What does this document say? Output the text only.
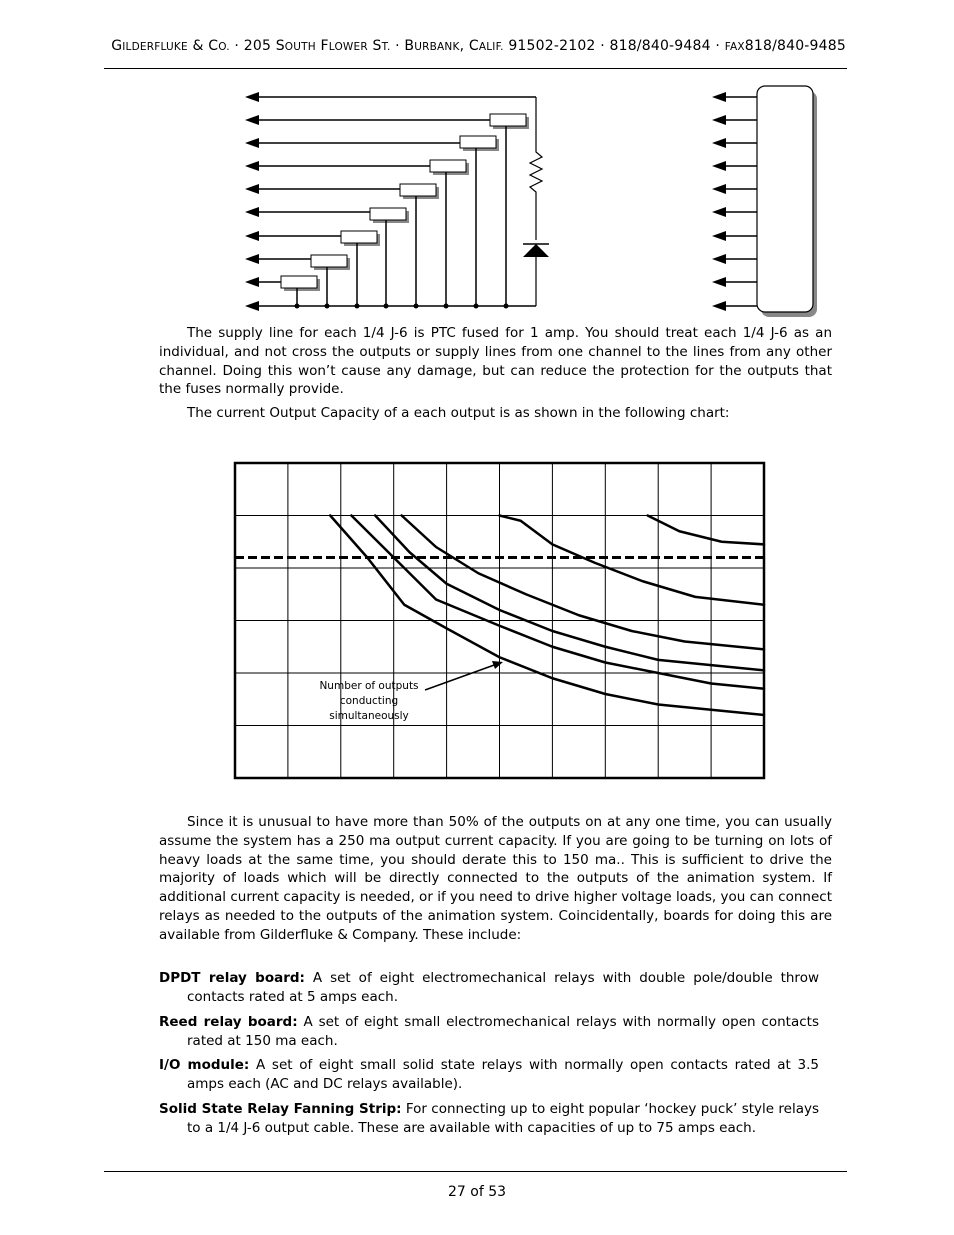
GILDERFLUKE & CO. · 205 SOUTH FLOWER ST. · BURBANK, CALIF. 91502-2102 · 818/840-9484 · FAX818/840-9485

The supply line for each 1/4 J-6 is PTC fused for 1 amp. You should treat each 1/4 J-6 as an individual, and not cross the outputs or supply lines from one channel to the lines from any other channel. Doing this won’t cause any damage, but can reduce the protection for the outputs that the fuses normally provide.

The current Output Capacity of a each output is as shown in the following chart:

Number of outputs
conducting
simultaneously

Since it is unusual to have more than 50% of the outputs on at any one time, you can usually assume the system has a 250 ma output current capacity. If you are going to be turning on lots of heavy loads at the same time, you should derate this to 150 ma.. This is sufficient to drive the majority of loads which will be directly connected to the outputs of the animation system. If additional current capacity is needed, or if you need to drive higher voltage loads, you can connect relays as needed to the outputs of the animation system. Coincidentally, boards for doing this are available from Gilderfluke & Company. These include:

DPDT relay board: A set of eight electromechanical relays with double pole/double throw contacts rated at 5 amps each.
Reed relay board: A set of eight small electromechanical relays with normally open contacts rated at 150 ma each.
I/O module: A set of eight small solid state relays with normally open contacts rated at 3.5 amps each (AC and DC relays available).
Solid State Relay Fanning Strip: For connecting up to eight popular ‘hockey puck’ style relays to a 1/4 J-6 output cable. These are available with capacities of up to 75 amps each.
27 of 53
